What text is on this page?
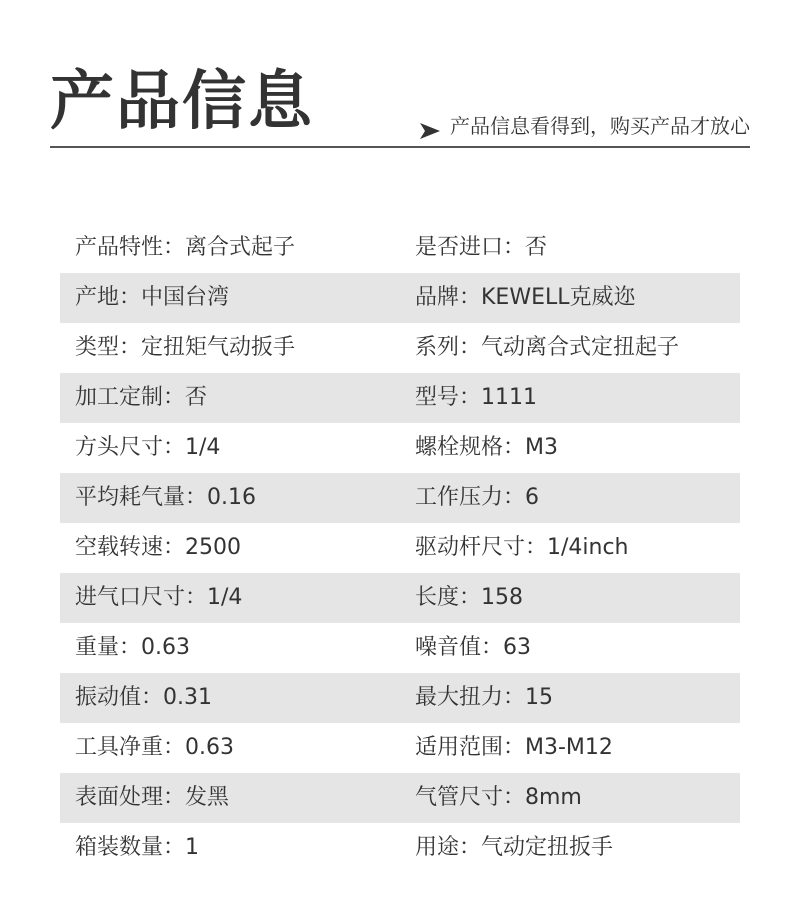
产品信息	产品信息看得到，购买产品才放心
产品特性：离合式起子	是否进口：否
产地：中国台湾	品牌：KEWELL克威迩
类型：定扭矩气动扳手	系列：气动离合式定扭起子
加工定制：否	型号：1111
方头尺寸：1/4	螺栓规格：M3
平均耗气量：0.16	工作压力：6
空载转速：2500	驱动杆尺寸：1/4inch
进气口尺寸：1/4	长度：158
重量：0.63	噪音值：63
振动值：0.31	最大扭力：15
工具净重：0.63	适用范围：M3-M12
表面处理：发黑	气管尺寸：8mm
箱装数量：1	用途：气动定扭扳手
